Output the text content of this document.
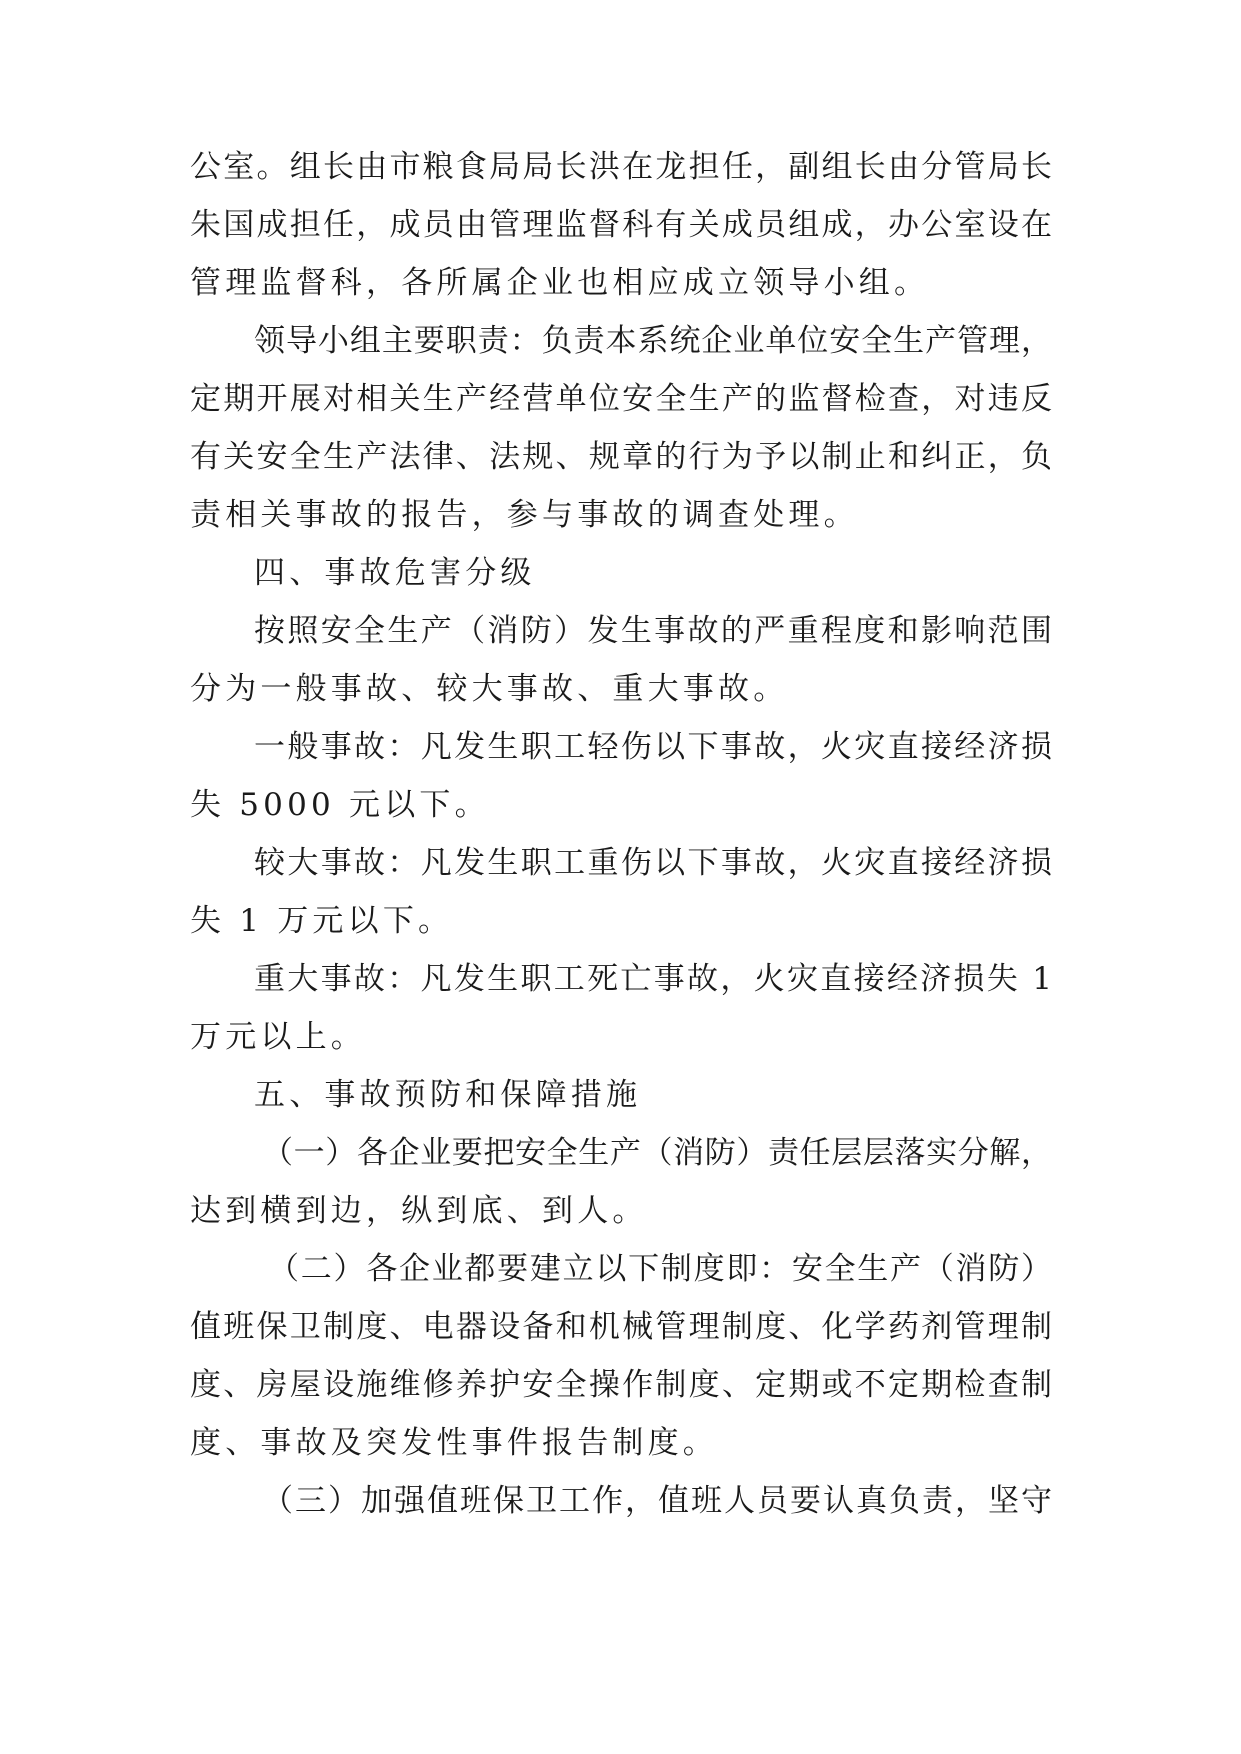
公室。组长由市粮食局局长洪在龙担任，副组长由分管局长
朱国成担任，成员由管理监督科有关成员组成，办公室设在
管理监督科，各所属企业也相应成立领导小组。
领导小组主要职责：负责本系统企业单位安全生产管理，
定期开展对相关生产经营单位安全生产的监督检查，对违反
有关安全生产法律、法规、规章的行为予以制止和纠正，负
责相关事故的报告，参与事故的调查处理。
四、事故危害分级
按照安全生产（消防）发生事故的严重程度和影响范围
分为一般事故、较大事故、重大事故。
一般事故：凡发生职工轻伤以下事故，火灾直接经济损
失 5000 元以下。
较大事故：凡发生职工重伤以下事故，火灾直接经济损
失 1 万元以下。
重大事故：凡发生职工死亡事故，火灾直接经济损失 1
万元以上。
五、事故预防和保障措施
（一）各企业要把安全生产（消防）责任层层落实分解，
达到横到边，纵到底、到人。
（二）各企业都要建立以下制度即：安全生产（消防）
值班保卫制度、电器设备和机械管理制度、化学药剂管理制
度、房屋设施维修养护安全操作制度、定期或不定期检查制
度、事故及突发性事件报告制度。
（三）加强值班保卫工作，值班人员要认真负责，坚守
